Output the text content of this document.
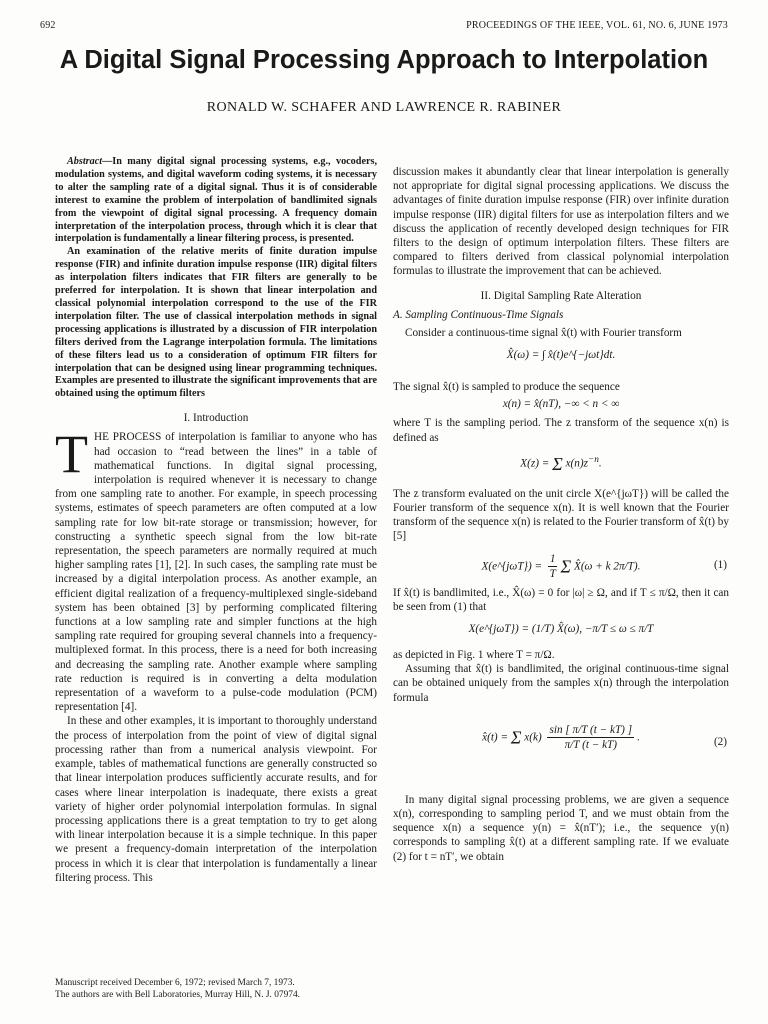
692	PROCEEDINGS OF THE IEEE, VOL. 61, NO. 6, JUNE 1973
A Digital Signal Processing Approach to Interpolation
RONALD W. SCHAFER AND LAWRENCE R. RABINER

Abstract—In many digital signal processing systems, e.g., vocoders, modulation systems, and digital waveform coding systems, it is necessary to alter the sampling rate of a digital signal. Thus it is of considerable interest to examine the problem of interpolation of bandlimited signals from the viewpoint of digital signal processing. A frequency domain interpretation of the interpolation process, through which it is clear that interpolation is fundamentally a linear filtering process, is presented.

An examination of the relative merits of finite duration impulse response (FIR) and infinite duration impulse response (IIR) digital filters as interpolation filters indicates that FIR filters are generally to be preferred for interpolation. It is shown that linear interpolation and classical polynomial interpolation correspond to the use of the FIR interpolation filter. The use of classical interpolation methods in signal processing applications is illustrated by a discussion of FIR interpolation filters derived from the Lagrange interpolation formula. The limitations of these filters lead us to a consideration of optimum FIR filters for interpolation that can be designed using linear programming techniques. Examples are presented to illustrate the significant improvements that are obtained using the optimum filters

I. Introduction

THE PROCESS of interpolation is familiar to anyone who has had occasion to “read between the lines” in a table of mathematical functions. In digital signal processing, interpolation is required whenever it is necessary to change from one sampling rate to another. For example, in speech processing systems, estimates of speech parameters are often computed at a low sampling rate for low bit-rate storage or transmission; however, for constructing a synthetic speech signal from the low bit-rate representation, the speech parameters are normally required at much higher sampling rates [1], [2]. In such cases, the sampling rate must be increased by a digital interpolation process. As another example, an efficient digital realization of a frequency-multiplexed single-sideband system has been obtained [3] by performing complicated filtering functions at a low sampling rate and simpler functions at the high sampling rate required for grouping several channels into a frequency-multiplexed format. In this process, there is a need for both increasing and decreasing the sampling rate. Another example where sampling rate reduction is required is in converting a delta modulation representation of a waveform to a pulse-code modulation (PCM) representation [4].

In these and other examples, it is important to thoroughly understand the process of interpolation from the point of view of digital signal processing rather than from a numerical analysis viewpoint. For example, tables of mathematical functions are generally constructed so that linear interpolation produces sufficiently accurate results, and for cases where linear interpolation is inadequate, there exists a great variety of higher order polynomial interpolation formulas. In signal processing applications there is a great temptation to try to get along with linear interpolation because it is a simple technique. In this paper we present a frequency-domain interpretation of the interpolation process in which it is clear that interpolation is fundamentally a linear filtering process. This

Manuscript received December 6, 1972; revised March 7, 1973.
The authors are with Bell Laboratories, Murray Hill, N. J. 07974.

discussion makes it abundantly clear that linear interpolation is generally not appropriate for digital signal processing applications. We discuss the advantages of finite duration impulse response (FIR) over infinite duration impulse response (IIR) digital filters for use as interpolation filters and we discuss the application of recently developed design techniques for FIR filters to the design of optimum interpolation filters. These filters are compared to filters derived from classical polynomial interpolation formulas to illustrate the improvement that can be achieved.

II. Digital Sampling Rate Alteration
A. Sampling Continuous-Time Signals

Consider a continuous-time signal x̂(t) with Fourier transform

X̂(ω) = ∫ x̂(t)e^{−jωt}dt.

The signal x̂(t) is sampled to produce the sequence

x(n) = x̂(nT), −∞ < n < ∞

where T is the sampling period. The z transform of the sequence x(n) is defined as

X(z) = Σ $x(n)z^{-n}$.

The z transform evaluated on the unit circle X(e^{jωT}) will be called the Fourier transform of the sequence x(n). It is well known that the Fourier transform of the sequence x(n) is related to the Fourier transform of x̂(t) by [5]

X(e^{jωT}) = $\frac{1}{T}$ Σ X̂(ω + k 2π/T).	(1)

If x̂(t) is bandlimited, i.e., X̂(ω) = 0 for |ω| ≥ Ω, and if T ≤ π/Ω, then it can be seen from (1) that

X(e^{jωT}) = (1/T) X̂(ω), −π/T ≤ ω ≤ π/T

as depicted in Fig. 1 where T = π/Ω.

Assuming that x̂(t) is bandlimited, the original continuous-time signal can be obtained uniquely from the samples x(n) through the interpolation formula

x̂(t) = Σ $x(k) \frac{\sin [ \pi/T (t - kT) ]}{\pi/T (t - kT)}$ .	(2)

In many digital signal processing problems, we are given a sequence x(n), corresponding to sampling period T, and we must obtain from the sequence x(n) a sequence y(n) = x̂(nT′); i.e., the sequence y(n) corresponds to sampling x̂(t) at a different sampling rate. If we evaluate (2) for t = nT′, we obtain
